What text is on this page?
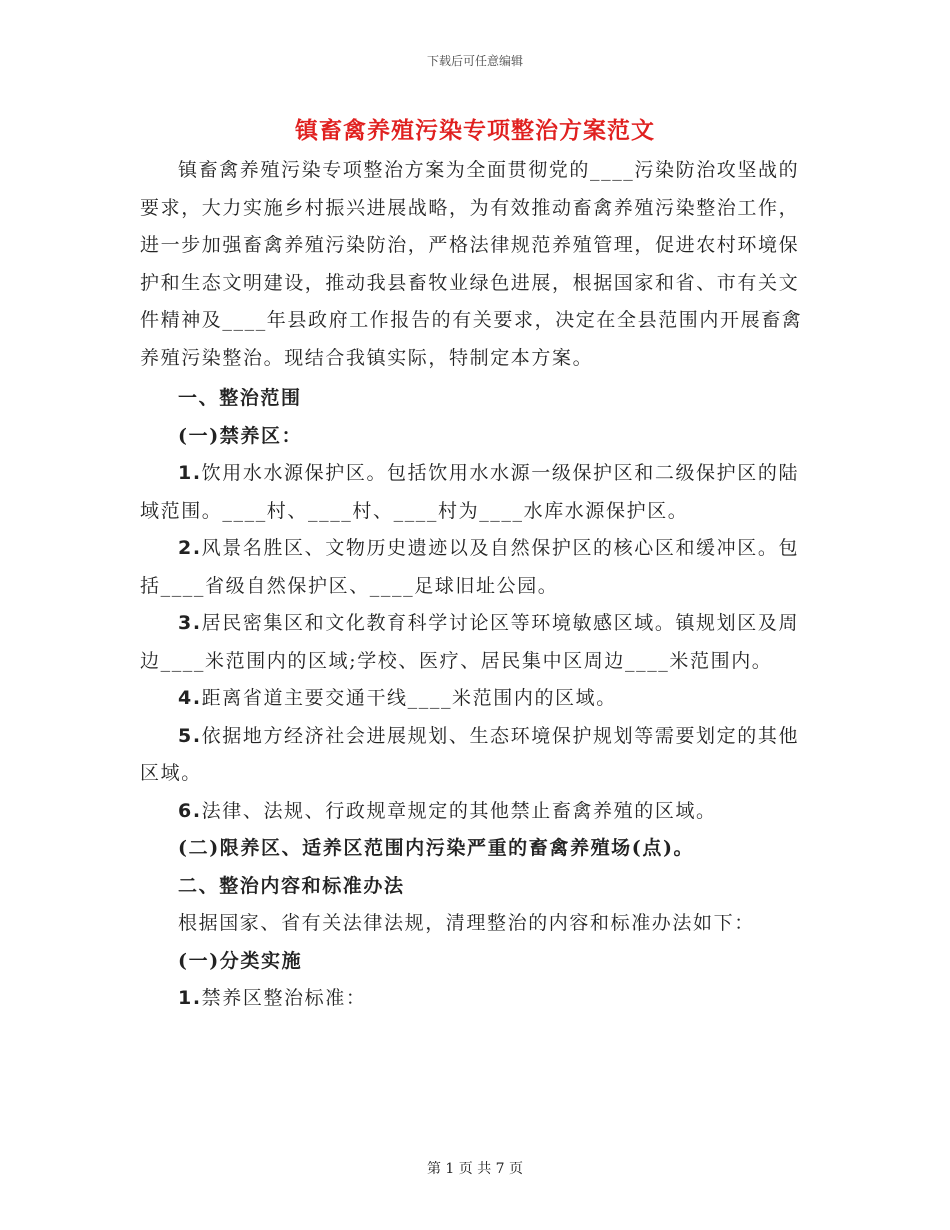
下载后可任意编辑
镇畜禽养殖污染专项整治方案范文

镇畜禽养殖污染专项整治方案为全面贯彻党的____污染防治攻坚战的要求，大力实施乡村振兴进展战略，为有效推动畜禽养殖污染整治工作，进一步加强畜禽养殖污染防治，严格法律规范养殖管理，促进农村环境保护和生态文明建设，推动我县畜牧业绿色进展，根据国家和省、市有关文件精神及____年县政府工作报告的有关要求，决定在全县范围内开展畜禽养殖污染整治。现结合我镇实际，特制定本方案。

一、整治范围

(一)禁养区：

1.饮用水水源保护区。包括饮用水水源一级保护区和二级保护区的陆域范围。____村、____村、____村为____水库水源保护区。

2.风景名胜区、文物历史遗迹以及自然保护区的核心区和缓冲区。包括____省级自然保护区、____足球旧址公园。

3.居民密集区和文化教育科学讨论区等环境敏感区域。镇规划区及周边____米范围内的区域;学校、医疗、居民集中区周边____米范围内。

4.距离省道主要交通干线____米范围内的区域。

5.依据地方经济社会进展规划、生态环境保护规划等需要划定的其他区域。

6.法律、法规、行政规章规定的其他禁止畜禽养殖的区域。

(二)限养区、适养区范围内污染严重的畜禽养殖场(点)。

二、整治内容和标准办法

根据国家、省有关法律法规，清理整治的内容和标准办法如下：

(一)分类实施

1.禁养区整治标准：

第 1 页 共 7 页
